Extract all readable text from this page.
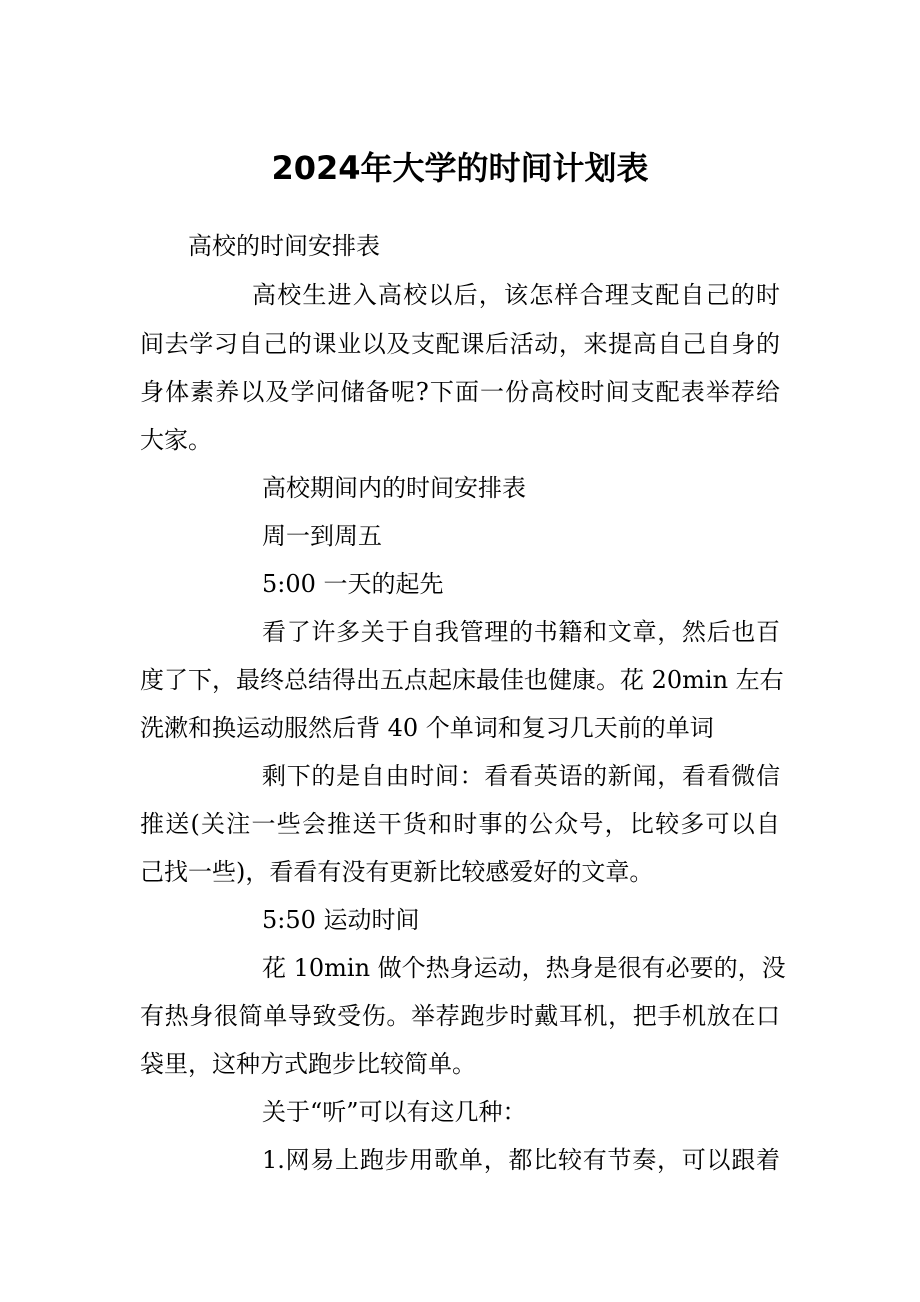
2024年大学的时间计划表
高校的时间安排表
高校生进入高校以后，该怎样合理支配自己的时
间去学习自己的课业以及支配课后活动，来提高自己自身的
身体素养以及学问储备呢?下面一份高校时间支配表举荐给
大家。
高校期间内的时间安排表
周一到周五
5:00 一天的起先
看了许多关于自我管理的书籍和文章，然后也百
度了下，最终总结得出五点起床最佳也健康。花 20min 左右
洗漱和换运动服然后背 40 个单词和复习几天前的单词
剩下的是自由时间：看看英语的新闻，看看微信
推送(关注一些会推送干货和时事的公众号，比较多可以自
己找一些)，看看有没有更新比较感爱好的文章。
5:50 运动时间
花 10min 做个热身运动，热身是很有必要的，没
有热身很简单导致受伤。举荐跑步时戴耳机，把手机放在口
袋里，这种方式跑步比较简单。
关于“听”可以有这几种：
1.网易上跑步用歌单，都比较有节奏，可以跟着
